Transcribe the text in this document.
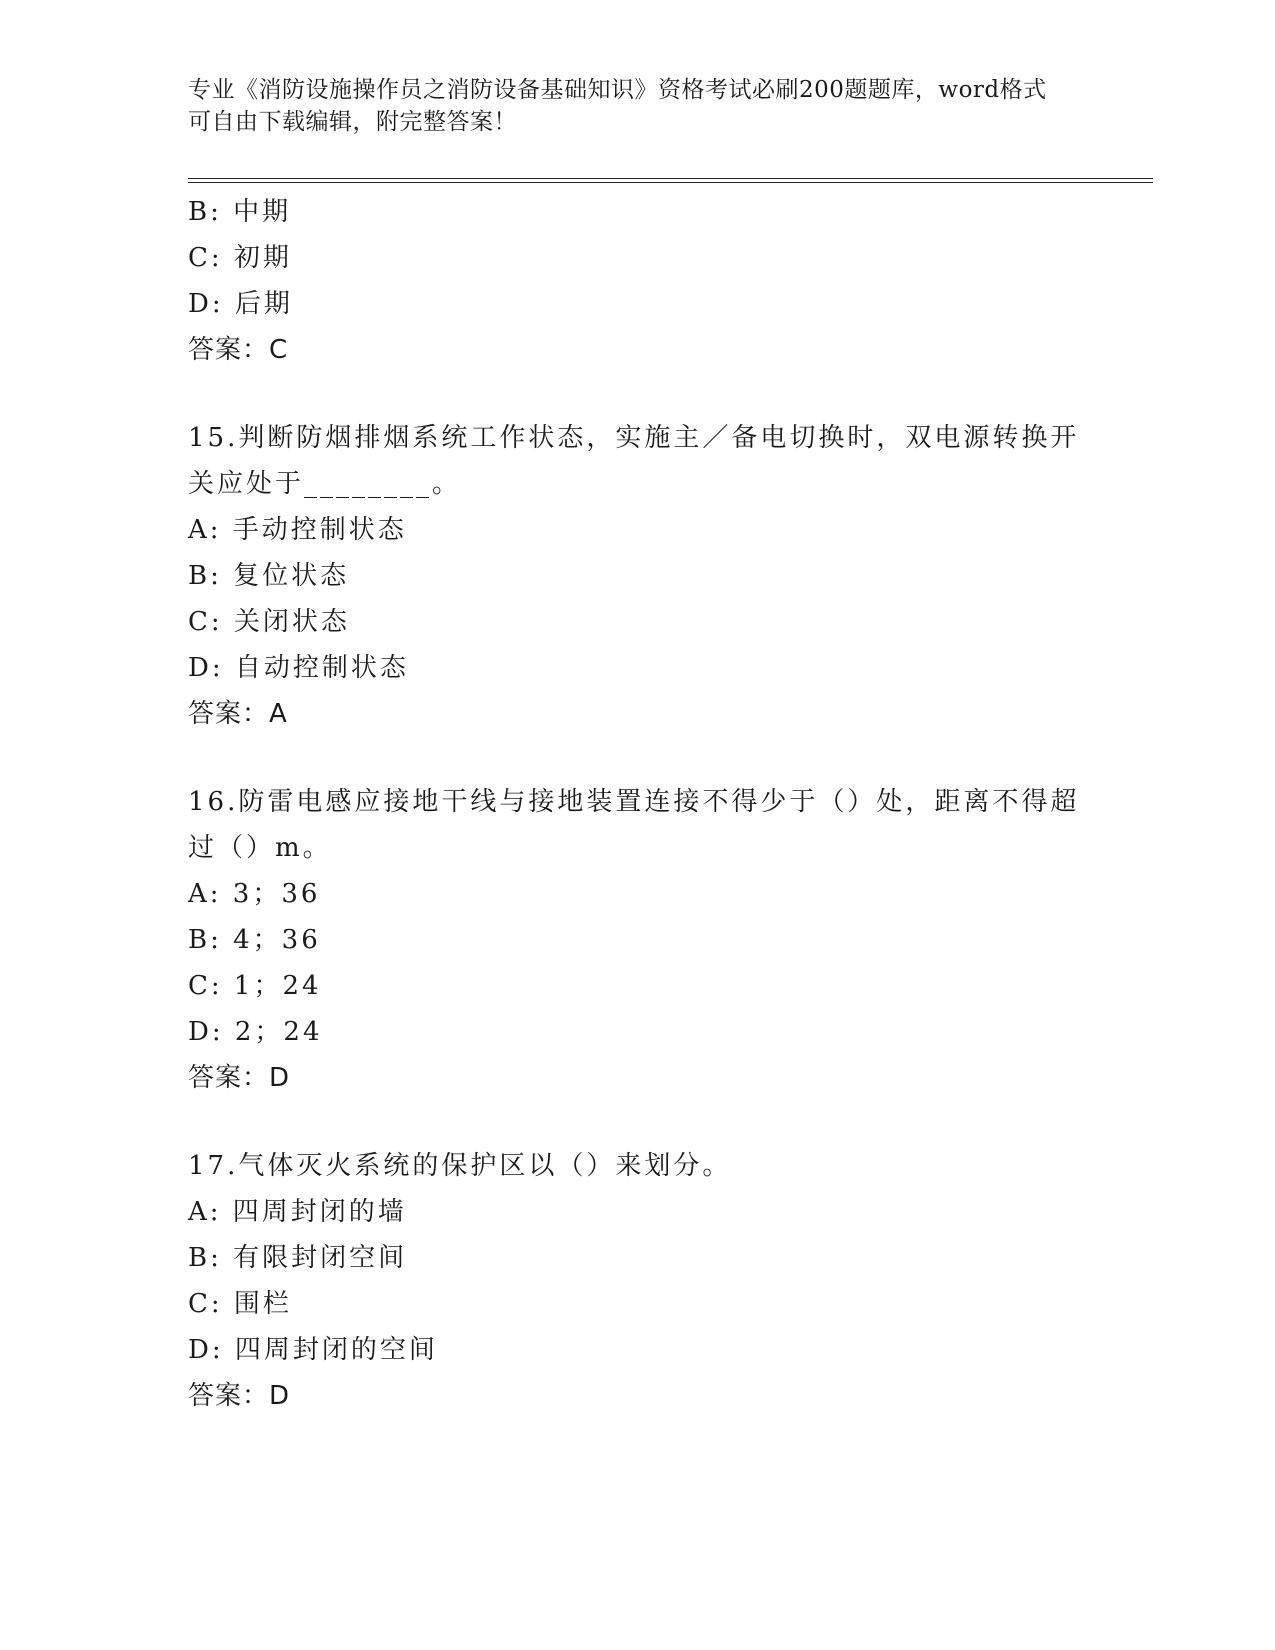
专业《消防设施操作员之消防设备基础知识》资格考试必刷200题题库，word格式可自由下载编辑，附完整答案！
B: 中期
C: 初期
D: 后期
答案：C
15.判断防烟排烟系统工作状态，实施主／备电切换时，双电源转换开
关应处于________。
A: 手动控制状态
B: 复位状态
C: 关闭状态
D: 自动控制状态
答案：A
16.防雷电感应接地干线与接地装置连接不得少于（）处，距离不得超
过（）m。
A: 3；36
B: 4；36
C: 1；24
D: 2；24
答案：D
17.气体灭火系统的保护区以（）来划分。
A: 四周封闭的墙
B: 有限封闭空间
C: 围栏
D: 四周封闭的空间
答案：D
